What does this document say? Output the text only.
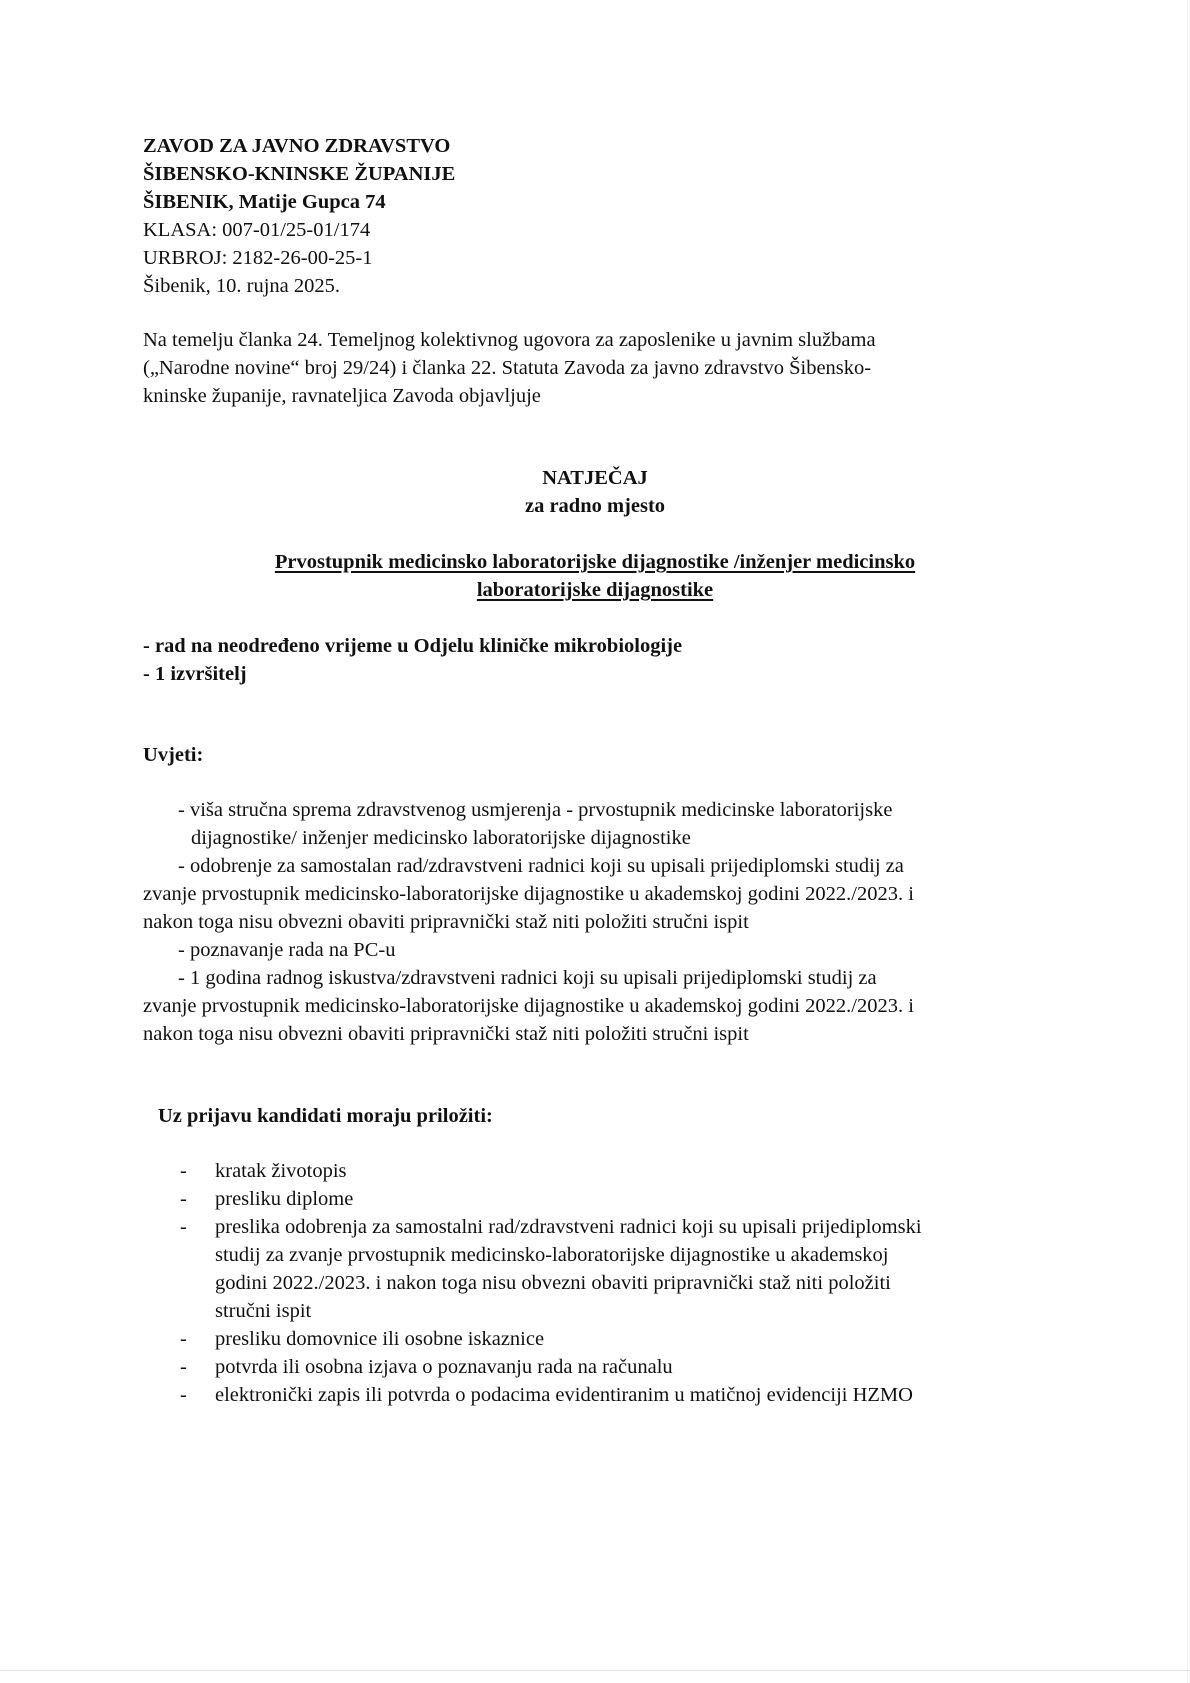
ZAVOD ZA JAVNO ZDRAVSTVO
ŠIBENSKO-KNINSKE ŽUPANIJE
ŠIBENIK, Matije Gupca 74
KLASA: 007-01/25-01/174
URBROJ: 2182-26-00-25-1
Šibenik, 10. rujna 2025.
Na temelju članka 24. Temeljnog kolektivnog ugovora za zaposlenike u javnim službama
(„Narodne novine“ broj 29/24) i članka 22. Statuta Zavoda za javno zdravstvo Šibensko-
kninske županije, ravnateljica Zavoda objavljuje
NATJEČAJ
za radno mjesto
Prvostupnik medicinsko laboratorijske dijagnostike /inženjer medicinsko
laboratorijske dijagnostike
- rad na neodređeno vrijeme u Odjelu kliničke mikrobiologije
- 1 izvršitelj
Uvjeti:
- viša stručna sprema zdravstvenog usmjerenja - prvostupnik medicinske laboratorijske
dijagnostike/ inženjer medicinsko laboratorijske dijagnostike
- odobrenje za samostalan rad/zdravstveni radnici koji su upisali prijediplomski studij za
zvanje prvostupnik medicinsko-laboratorijske dijagnostike u akademskoj godini 2022./2023. i
nakon toga nisu obvezni obaviti pripravnički staž niti položiti stručni ispit
- poznavanje rada na PC-u
- 1 godina radnog iskustva/zdravstveni radnici koji su upisali prijediplomski studij za
zvanje prvostupnik medicinsko-laboratorijske dijagnostike u akademskoj godini 2022./2023. i
nakon toga nisu obvezni obaviti pripravnički staž niti položiti stručni ispit
Uz prijavu kandidati moraju priložiti:
- kratak životopis
- presliku diplome
- preslika odobrenja za samostalni rad/zdravstveni radnici koji su upisali prijediplomski
studij za zvanje prvostupnik medicinsko-laboratorijske dijagnostike u akademskoj
godini 2022./2023. i nakon toga nisu obvezni obaviti pripravnički staž niti položiti
stručni ispit
- presliku domovnice ili osobne iskaznice
- potvrda ili osobna izjava o poznavanju rada na računalu
- elektronički zapis ili potvrda o podacima evidentiranim u matičnoj evidenciji HZMO
